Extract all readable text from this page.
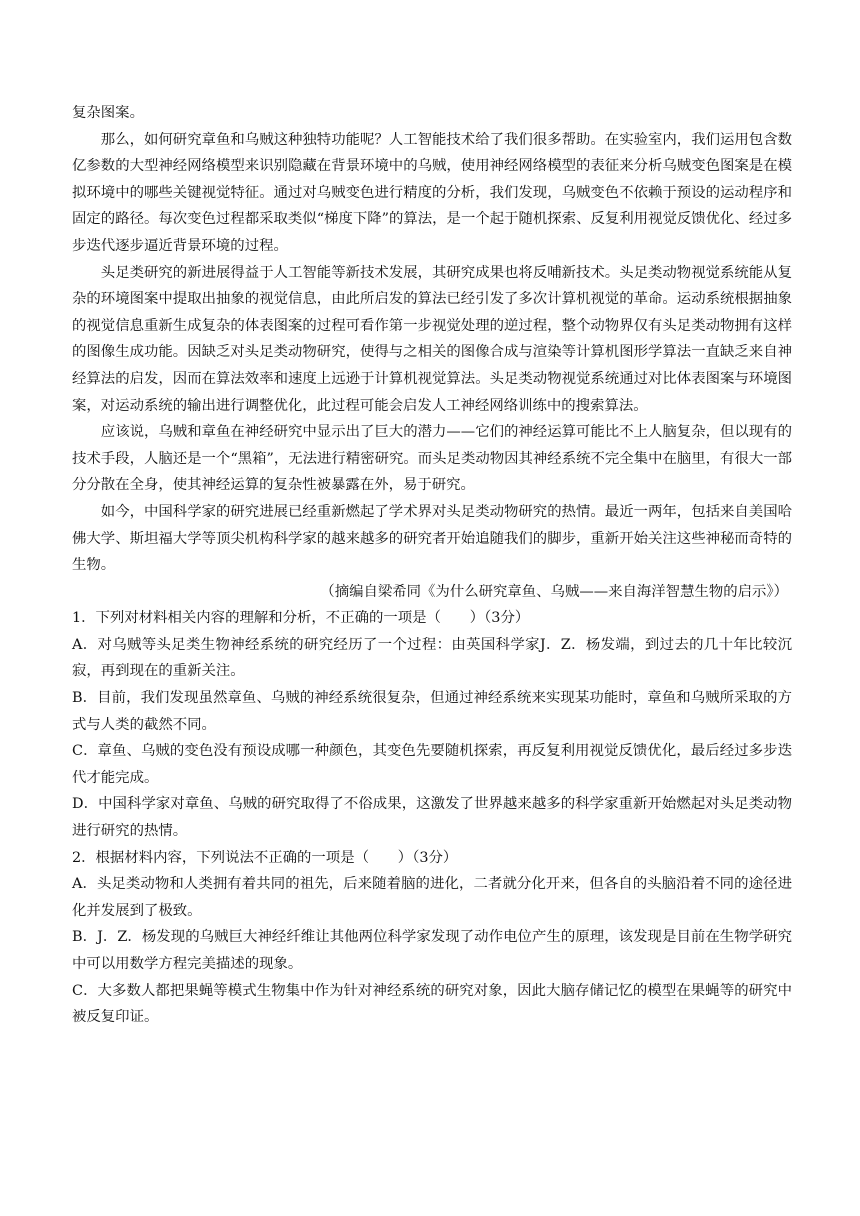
复杂图案。

那么，如何研究章鱼和乌贼这种独特功能呢？人工智能技术给了我们很多帮助。在实验室内，我们运用包含数亿参数的大型神经网络模型来识别隐藏在背景环境中的乌贼，使用神经网络模型的表征来分析乌贼变色图案是在模拟环境中的哪些关键视觉特征。通过对乌贼变色进行精度的分析，我们发现，乌贼变色不依赖于预设的运动程序和固定的路径。每次变色过程都采取类似“梯度下降”的算法，是一个起于随机探索、反复利用视觉反馈优化、经过多步迭代逐步逼近背景环境的过程。

头足类研究的新进展得益于人工智能等新技术发展，其研究成果也将反哺新技术。头足类动物视觉系统能从复杂的环境图案中提取出抽象的视觉信息，由此所启发的算法已经引发了多次计算机视觉的革命。运动系统根据抽象的视觉信息重新生成复杂的体表图案的过程可看作第一步视觉处理的逆过程，整个动物界仅有头足类动物拥有这样的图像生成功能。因缺乏对头足类动物研究，使得与之相关的图像合成与渲染等计算机图形学算法一直缺乏来自神经算法的启发，因而在算法效率和速度上远逊于计算机视觉算法。头足类动物视觉系统通过对比体表图案与环境图案，对运动系统的输出进行调整优化，此过程可能会启发人工神经网络训练中的搜索算法。

应该说，乌贼和章鱼在神经研究中显示出了巨大的潜力——它们的神经运算可能比不上人脑复杂，但以现有的技术手段，人脑还是一个“黑箱”，无法进行精密研究。而头足类动物因其神经系统不完全集中在脑里，有很大一部分分散在全身，使其神经运算的复杂性被暴露在外，易于研究。

如今，中国科学家的研究进展已经重新燃起了学术界对头足类动物研究的热情。最近一两年，包括来自美国哈佛大学、斯坦福大学等顶尖机构科学家的越来越多的研究者开始追随我们的脚步，重新开始关注这些神秘而奇特的生物。

（摘编自梁希同《为什么研究章鱼、乌贼——来自海洋智慧生物的启示》）

1．下列对材料相关内容的理解和分析，不正确的一项是（　　）（3分）

A．对乌贼等头足类生物神经系统的研究经历了一个过程：由英国科学家J．Z．杨发端，到过去的几十年比较沉寂，再到现在的重新关注。

B．目前，我们发现虽然章鱼、乌贼的神经系统很复杂，但通过神经系统来实现某功能时，章鱼和乌贼所采取的方式与人类的截然不同。

C．章鱼、乌贼的变色没有预设成哪一种颜色，其变色先要随机探索，再反复利用视觉反馈优化，最后经过多步迭代才能完成。

D．中国科学家对章鱼、乌贼的研究取得了不俗成果，这激发了世界越来越多的科学家重新开始燃起对头足类动物进行研究的热情。

2．根据材料内容，下列说法不正确的一项是（　　）（3分）

A．头足类动物和人类拥有着共同的祖先，后来随着脑的进化，二者就分化开来，但各自的头脑沿着不同的途径进化并发展到了极致。

B．J．Z．杨发现的乌贼巨大神经纤维让其他两位科学家发现了动作电位产生的原理，该发现是目前在生物学研究中可以用数学方程完美描述的现象。

C．大多数人都把果蝇等模式生物集中作为针对神经系统的研究对象，因此大脑存储记忆的模型在果蝇等的研究中被反复印证。
